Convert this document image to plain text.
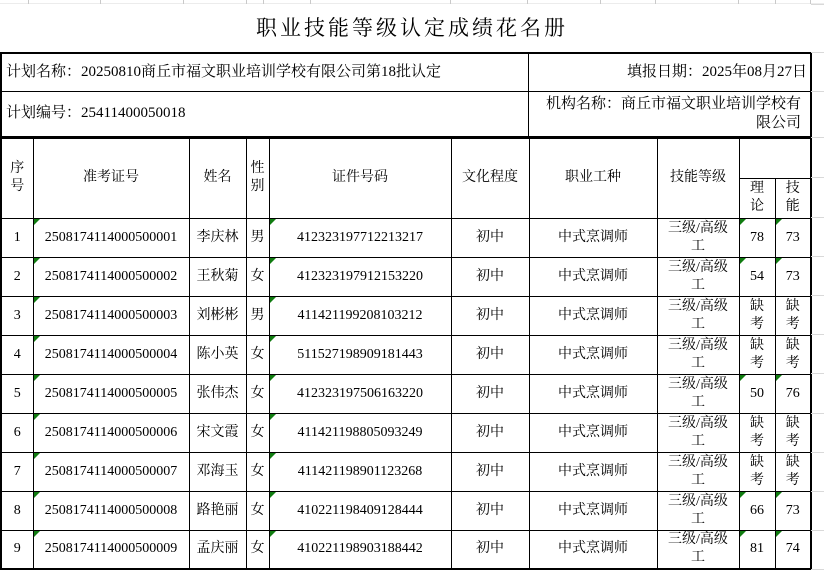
职业技能等级认定成绩花名册
计划名称：20250810商丘市福文职业培训学校有限公司第18批认定	填报日期：2025年08月27日
计划编号：25411400050018	机构名称：商丘市福文职业培训学校有限公司
序号	准考证号	姓名	性别	证件号码	文化程度	职业工种	技能等级		
								理论	技能
1	2508174114000500001	李庆林	男	412323197712213217	初中	中式烹调师	三级/高级工	78	73
2	2508174114000500002	王秋菊	女	412323197912153220	初中	中式烹调师	三级/高级工	54	73
3	2508174114000500003	刘彬彬	男	411421199208103212	初中	中式烹调师	三级/高级工	缺考	缺考
4	2508174114000500004	陈小英	女	511527198909181443	初中	中式烹调师	三级/高级工	缺考	缺考
5	2508174114000500005	张伟杰	女	412323197506163220	初中	中式烹调师	三级/高级工	50	76
6	2508174114000500006	宋文霞	女	411421198805093249	初中	中式烹调师	三级/高级工	缺考	缺考
7	2508174114000500007	邓海玉	女	411421198901123268	初中	中式烹调师	三级/高级工	缺考	缺考
8	2508174114000500008	路艳丽	女	410221198409128444	初中	中式烹调师	三级/高级工	66	73
9	2508174114000500009	孟庆丽	女	410221198903188442	初中	中式烹调师	三级/高级工	81	74
